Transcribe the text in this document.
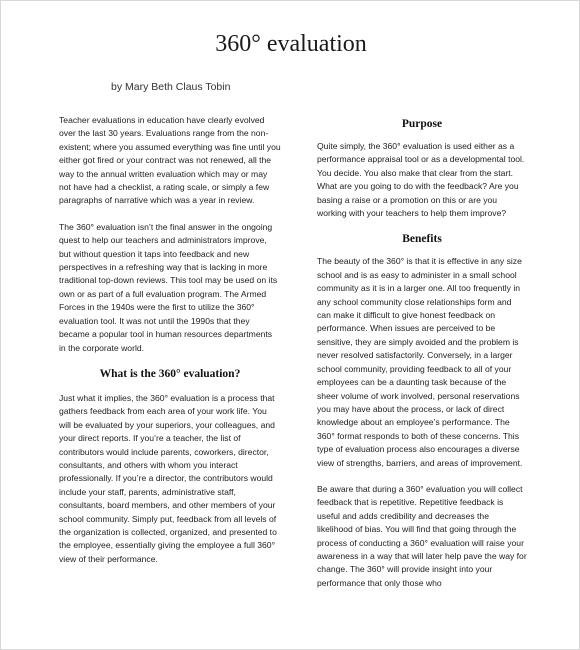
360° evaluation

by Mary Beth Claus Tobin

Teacher evaluations in education have clearly evolved over the last 30 years. Evaluations range from the non-existent; where you assumed everything was fine until you either got fired or your contract was not renewed, all the way to the annual written evaluation which may or may not have had a checklist, a rating scale, or simply a few paragraphs of narrative which was a year in review.

The 360° evaluation isn’t the final answer in the ongoing quest to help our teachers and administrators improve, but without question it taps into feedback and new perspectives in a refreshing way that is lacking in more traditional top-down reviews. This tool may be used on its own or as part of a full evaluation program. The Armed Forces in the 1940s were the first to utilize the 360° evaluation tool. It was not until the 1990s that they became a popular tool in human resources departments in the corporate world.

What is the 360° evaluation?

Just what it implies, the 360° evaluation is a process that gathers feedback from each area of your work life. You will be evaluated by your superiors, your colleagues, and your direct reports. If you’re a teacher, the list of contributors would include parents, coworkers, director, consultants, and others with whom you interact professionally. If you’re a director, the contributors would include your staff, parents, administrative staff, consultants, board members, and other members of your school community. Simply put, feedback from all levels of the organization is collected, organized, and presented to the employee, essentially giving the employee a full 360° view of their performance.

Purpose

Quite simply, the 360° evaluation is used either as a performance appraisal tool or as a developmental tool. You decide. You also make that clear from the start. What are you going to do with the feedback? Are you basing a raise or a promotion on this or are you working with your teachers to help them improve?

Benefits

The beauty of the 360° is that it is effective in any size school and is as easy to administer in a small school community as it is in a larger one. All too frequently in any school community close relationships form and can make it difficult to give honest feedback on performance. When issues are perceived to be sensitive, they are simply avoided and the problem is never resolved satisfactorily. Conversely, in a larger school community, providing feedback to all of your employees can be a daunting task because of the sheer volume of work involved, personal reservations you may have about the process, or lack of direct knowledge about an employee’s performance. The 360° format responds to both of these concerns. This type of evaluation process also encourages a diverse view of strengths, barriers, and areas of improvement.

Be aware that during a 360° evaluation you will collect feedback that is repetitive. Repetitive feedback is useful and adds credibility and decreases the likelihood of bias. You will find that going through the process of conducting a 360° evaluation will raise your awareness in a way that will later help pave the way for change. The 360° will provide insight into your performance that only those who
